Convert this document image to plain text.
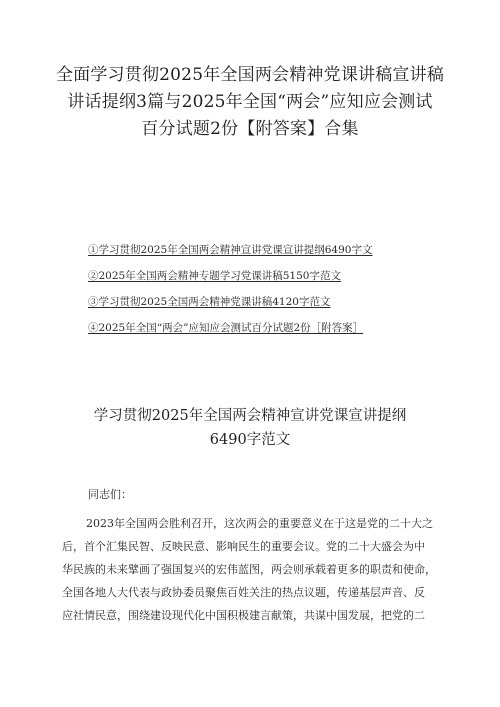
全面学习贯彻2025年全国两会精神党课讲稿宣讲稿
讲话提纲3篇与2025年全国“两会”应知应会测试
百分试题2份【附答案】合集
①学习贯彻2025年全国两会精神宣讲党课宣讲提纲6490字文
②2025年全国两会精神专题学习党课讲稿5150字范文
③学习贯彻2025全国两会精神党课讲稿4120字范文
④2025年全国“两会”应知应会测试百分试题2份［附答案］
学习贯彻2025年全国两会精神宣讲党课宣讲提纲
6490字范文
同志们：
2023年全国两会胜利召开，这次两会的重要意义在于这是党的二十大之
后，首个汇集民智、反映民意、影响民生的重要会议。党的二十大盛会为中
华民族的未来擘画了强国复兴的宏伟蓝图，两会则承载着更多的职责和使命，
全国各地人大代表与政协委员聚焦百姓关注的热点议题，传递基层声音、反
应社情民意，围绕建设现代化中国积极建言献策，共谋中国发展，把党的二
